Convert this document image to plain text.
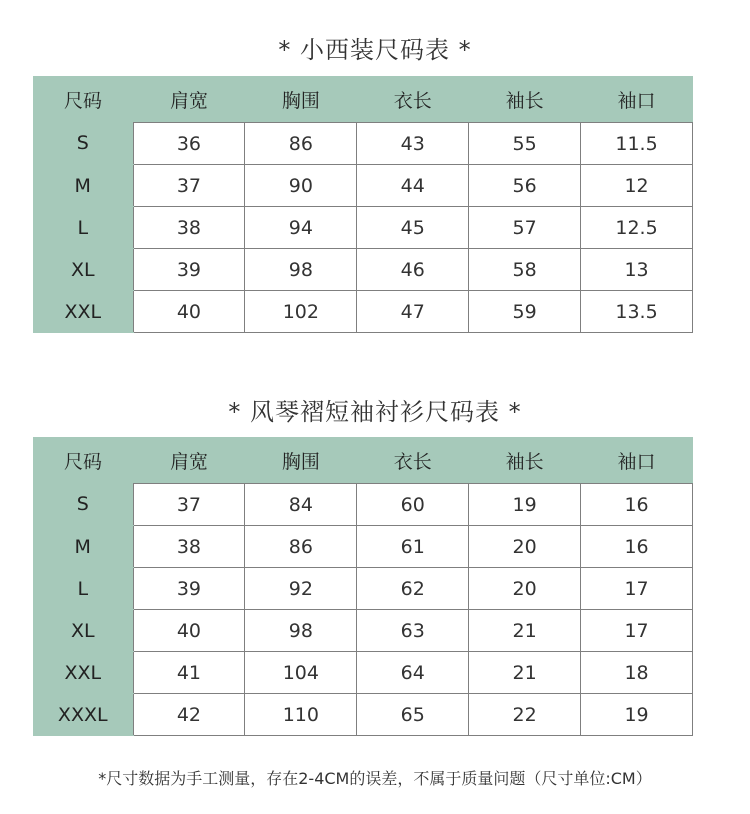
* 小西装尺码表 *
尺码	肩宽	胸围	衣长	袖长	袖口
S	36	86	43	55	11.5
M	37	90	44	56	12
L	38	94	45	57	12.5
XL	39	98	46	58	13
XXL	40	102	47	59	13.5
* 风琴褶短袖衬衫尺码表 *
尺码	肩宽	胸围	衣长	袖长	袖口
S	37	84	60	19	16
M	38	86	61	20	16
L	39	92	62	20	17
XL	40	98	63	21	17
XXL	41	104	64	21	18
XXXL	42	110	65	22	19
*尺寸数据为手工测量，存在2-4CM的误差，不属于质量问题（尺寸单位:CM）
